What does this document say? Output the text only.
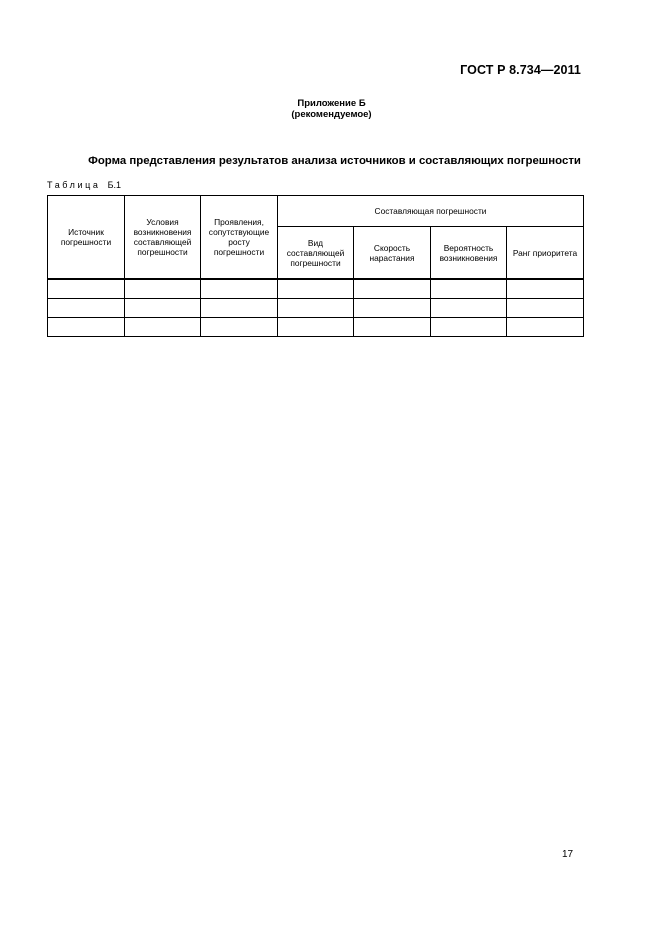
ГОСТ Р 8.734—2011
Приложение Б
(рекомендуемое)
Форма представления результатов анализа источников и составляющих погрешности
Таблица Б.1
Источник погрешности	Условия возникновения составляющей погрешности	Проявления, сопутствующие росту погрешности	Составляющая погрешности			
			Вид составляющей погрешности	Скорость нарастания	Вероятность возникновения	Ранг приоритета

17
